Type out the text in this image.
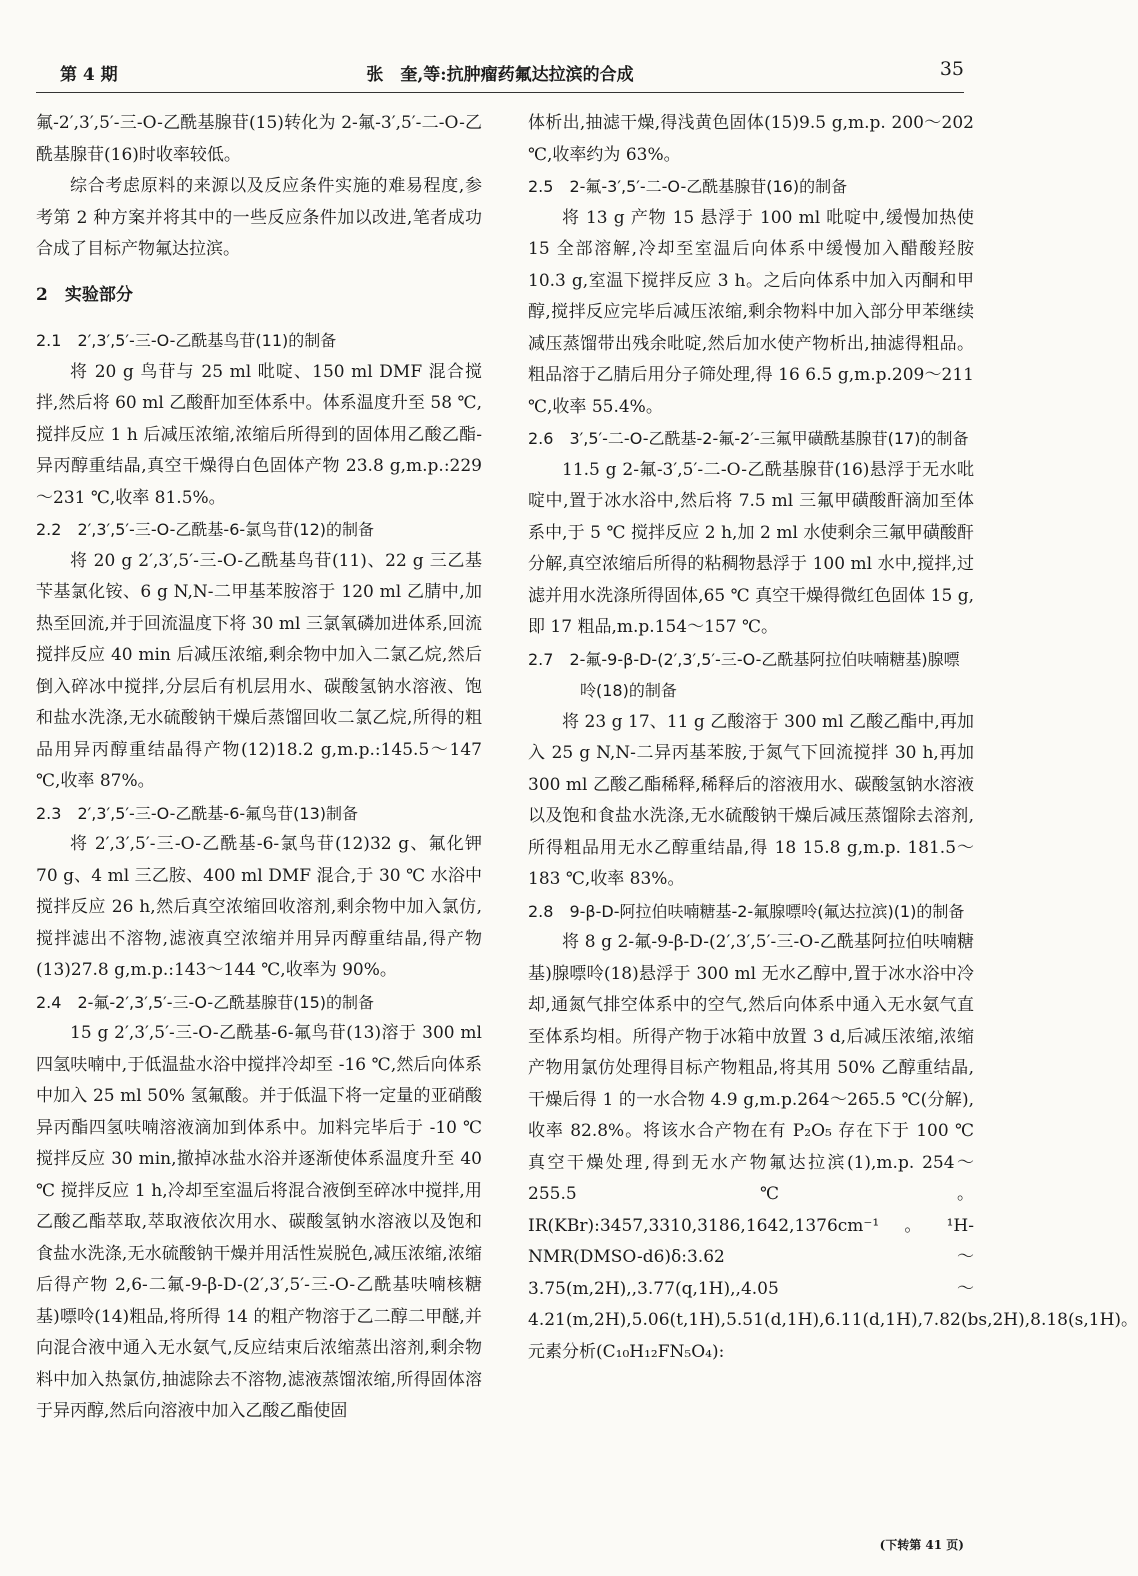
第 4 期	张　奎,等:抗肿瘤药氟达拉滨的合成	35

氟-2′,3′,5′-三-O-乙酰基腺苷(15)转化为 2-氟-3′,5′-二-O-乙酰基腺苷(16)时收率较低。

综合考虑原料的来源以及反应条件实施的难易程度,参考第 2 种方案并将其中的一些反应条件加以改进,笔者成功合成了目标产物氟达拉滨。

2　实验部分
2.1　2′,3′,5′-三-O-乙酰基鸟苷(11)的制备

将 20 g 鸟苷与 25 ml 吡啶、150 ml DMF 混合搅拌,然后将 60 ml 乙酸酐加至体系中。体系温度升至 58 ℃,搅拌反应 1 h 后减压浓缩,浓缩后所得到的固体用乙酸乙酯-异丙醇重结晶,真空干燥得白色固体产物 23.8 g,m.p.:229～231 ℃,收率 81.5%。

2.2　2′,3′,5′-三-O-乙酰基-6-氯鸟苷(12)的制备

将 20 g 2′,3′,5′-三-O-乙酰基鸟苷(11)、22 g 三乙基苄基氯化铵、6 g N,N-二甲基苯胺溶于 120 ml 乙腈中,加热至回流,并于回流温度下将 30 ml 三氯氧磷加进体系,回流搅拌反应 40 min 后减压浓缩,剩余物中加入二氯乙烷,然后倒入碎冰中搅拌,分层后有机层用水、碳酸氢钠水溶液、饱和盐水洗涤,无水硫酸钠干燥后蒸馏回收二氯乙烷,所得的粗品用异丙醇重结晶得产物(12)18.2 g,m.p.:145.5～147 ℃,收率 87%。

2.3　2′,3′,5′-三-O-乙酰基-6-氟鸟苷(13)制备

将 2′,3′,5′-三-O-乙酰基-6-氯鸟苷(12)32 g、氟化钾 70 g、4 ml 三乙胺、400 ml DMF 混合,于 30 ℃ 水浴中搅拌反应 26 h,然后真空浓缩回收溶剂,剩余物中加入氯仿,搅拌滤出不溶物,滤液真空浓缩并用异丙醇重结晶,得产物(13)27.8 g,m.p.:143～144 ℃,收率为 90%。

2.4　2-氟-2′,3′,5′-三-O-乙酰基腺苷(15)的制备

15 g 2′,3′,5′-三-O-乙酰基-6-氟鸟苷(13)溶于 300 ml 四氢呋喃中,于低温盐水浴中搅拌冷却至 -16 ℃,然后向体系中加入 25 ml 50% 氢氟酸。并于低温下将一定量的亚硝酸异丙酯四氢呋喃溶液滴加到体系中。加料完毕后于 -10 ℃ 搅拌反应 30 min,撤掉冰盐水浴并逐渐使体系温度升至 40 ℃ 搅拌反应 1 h,冷却至室温后将混合液倒至碎冰中搅拌,用乙酸乙酯萃取,萃取液依次用水、碳酸氢钠水溶液以及饱和食盐水洗涤,无水硫酸钠干燥并用活性炭脱色,减压浓缩,浓缩后得产物 2,6-二氟-9-β-D-(2′,3′,5′-三-O-乙酰基呋喃核糖基)嘌呤(14)粗品,将所得 14 的粗产物溶于乙二醇二甲醚,并向混合液中通入无水氨气,反应结束后浓缩蒸出溶剂,剩余物料中加入热氯仿,抽滤除去不溶物,滤液蒸馏浓缩,所得固体溶于异丙醇,然后向溶液中加入乙酸乙酯使固

体析出,抽滤干燥,得浅黄色固体(15)9.5 g,m.p. 200～202 ℃,收率约为 63%。

2.5　2-氟-3′,5′-二-O-乙酰基腺苷(16)的制备

将 13 g 产物 15 悬浮于 100 ml 吡啶中,缓慢加热使 15 全部溶解,冷却至室温后向体系中缓慢加入醋酸羟胺 10.3 g,室温下搅拌反应 3 h。之后向体系中加入丙酮和甲醇,搅拌反应完毕后减压浓缩,剩余物料中加入部分甲苯继续减压蒸馏带出残余吡啶,然后加水使产物析出,抽滤得粗品。粗品溶于乙腈后用分子筛处理,得 16 6.5 g,m.p.209～211 ℃,收率 55.4%。

2.6　3′,5′-二-O-乙酰基-2-氟-2′-三氟甲磺酰基腺苷(17)的制备

11.5 g 2-氟-3′,5′-二-O-乙酰基腺苷(16)悬浮于无水吡啶中,置于冰水浴中,然后将 7.5 ml 三氟甲磺酸酐滴加至体系中,于 5 ℃ 搅拌反应 2 h,加 2 ml 水使剩余三氟甲磺酸酐分解,真空浓缩后所得的粘稠物悬浮于 100 ml 水中,搅拌,过滤并用水洗涤所得固体,65 ℃ 真空干燥得微红色固体 15 g,即 17 粗品,m.p.154～157 ℃。

2.7　2-氟-9-β-D-(2′,3′,5′-三-O-乙酰基阿拉伯呋喃糖基)腺嘌呤(18)的制备

将 23 g 17、11 g 乙酸溶于 300 ml 乙酸乙酯中,再加入 25 g N,N-二异丙基苯胺,于氮气下回流搅拌 30 h,再加 300 ml 乙酸乙酯稀释,稀释后的溶液用水、碳酸氢钠水溶液以及饱和食盐水洗涤,无水硫酸钠干燥后减压蒸馏除去溶剂,所得粗品用无水乙醇重结晶,得 18 15.8 g,m.p. 181.5～183 ℃,收率 83%。

2.8　9-β-D-阿拉伯呋喃糖基-2-氟腺嘌呤(氟达拉滨)(1)的制备

将 8 g 2-氟-9-β-D-(2′,3′,5′-三-O-乙酰基阿拉伯呋喃糖基)腺嘌呤(18)悬浮于 300 ml 无水乙醇中,置于冰水浴中冷却,通氮气排空体系中的空气,然后向体系中通入无水氨气直至体系均相。所得产物于冰箱中放置 3 d,后减压浓缩,浓缩产物用氯仿处理得目标产物粗品,将其用 50% 乙醇重结晶,干燥后得 1 的一水合物 4.9 g,m.p.264～265.5 ℃(分解),收率 82.8%。将该水合产物在有 P₂O₅ 存在下于 100 ℃ 真空干燥处理,得到无水产物氟达拉滨(1),m.p. 254～255.5 ℃。IR(KBr):3457,3310,3186,1642,1376cm⁻¹。¹H-NMR(DMSO-d6)δ:3.62～3.75(m,2H),,3.77(q,1H),,4.05～4.21(m,2H),5.06(t,1H),5.51(d,1H),6.11(d,1H),7.82(bs,2H),8.18(s,1H)。元素分析(C₁₀H₁₂FN₅O₄):

(下转第 41 页)
